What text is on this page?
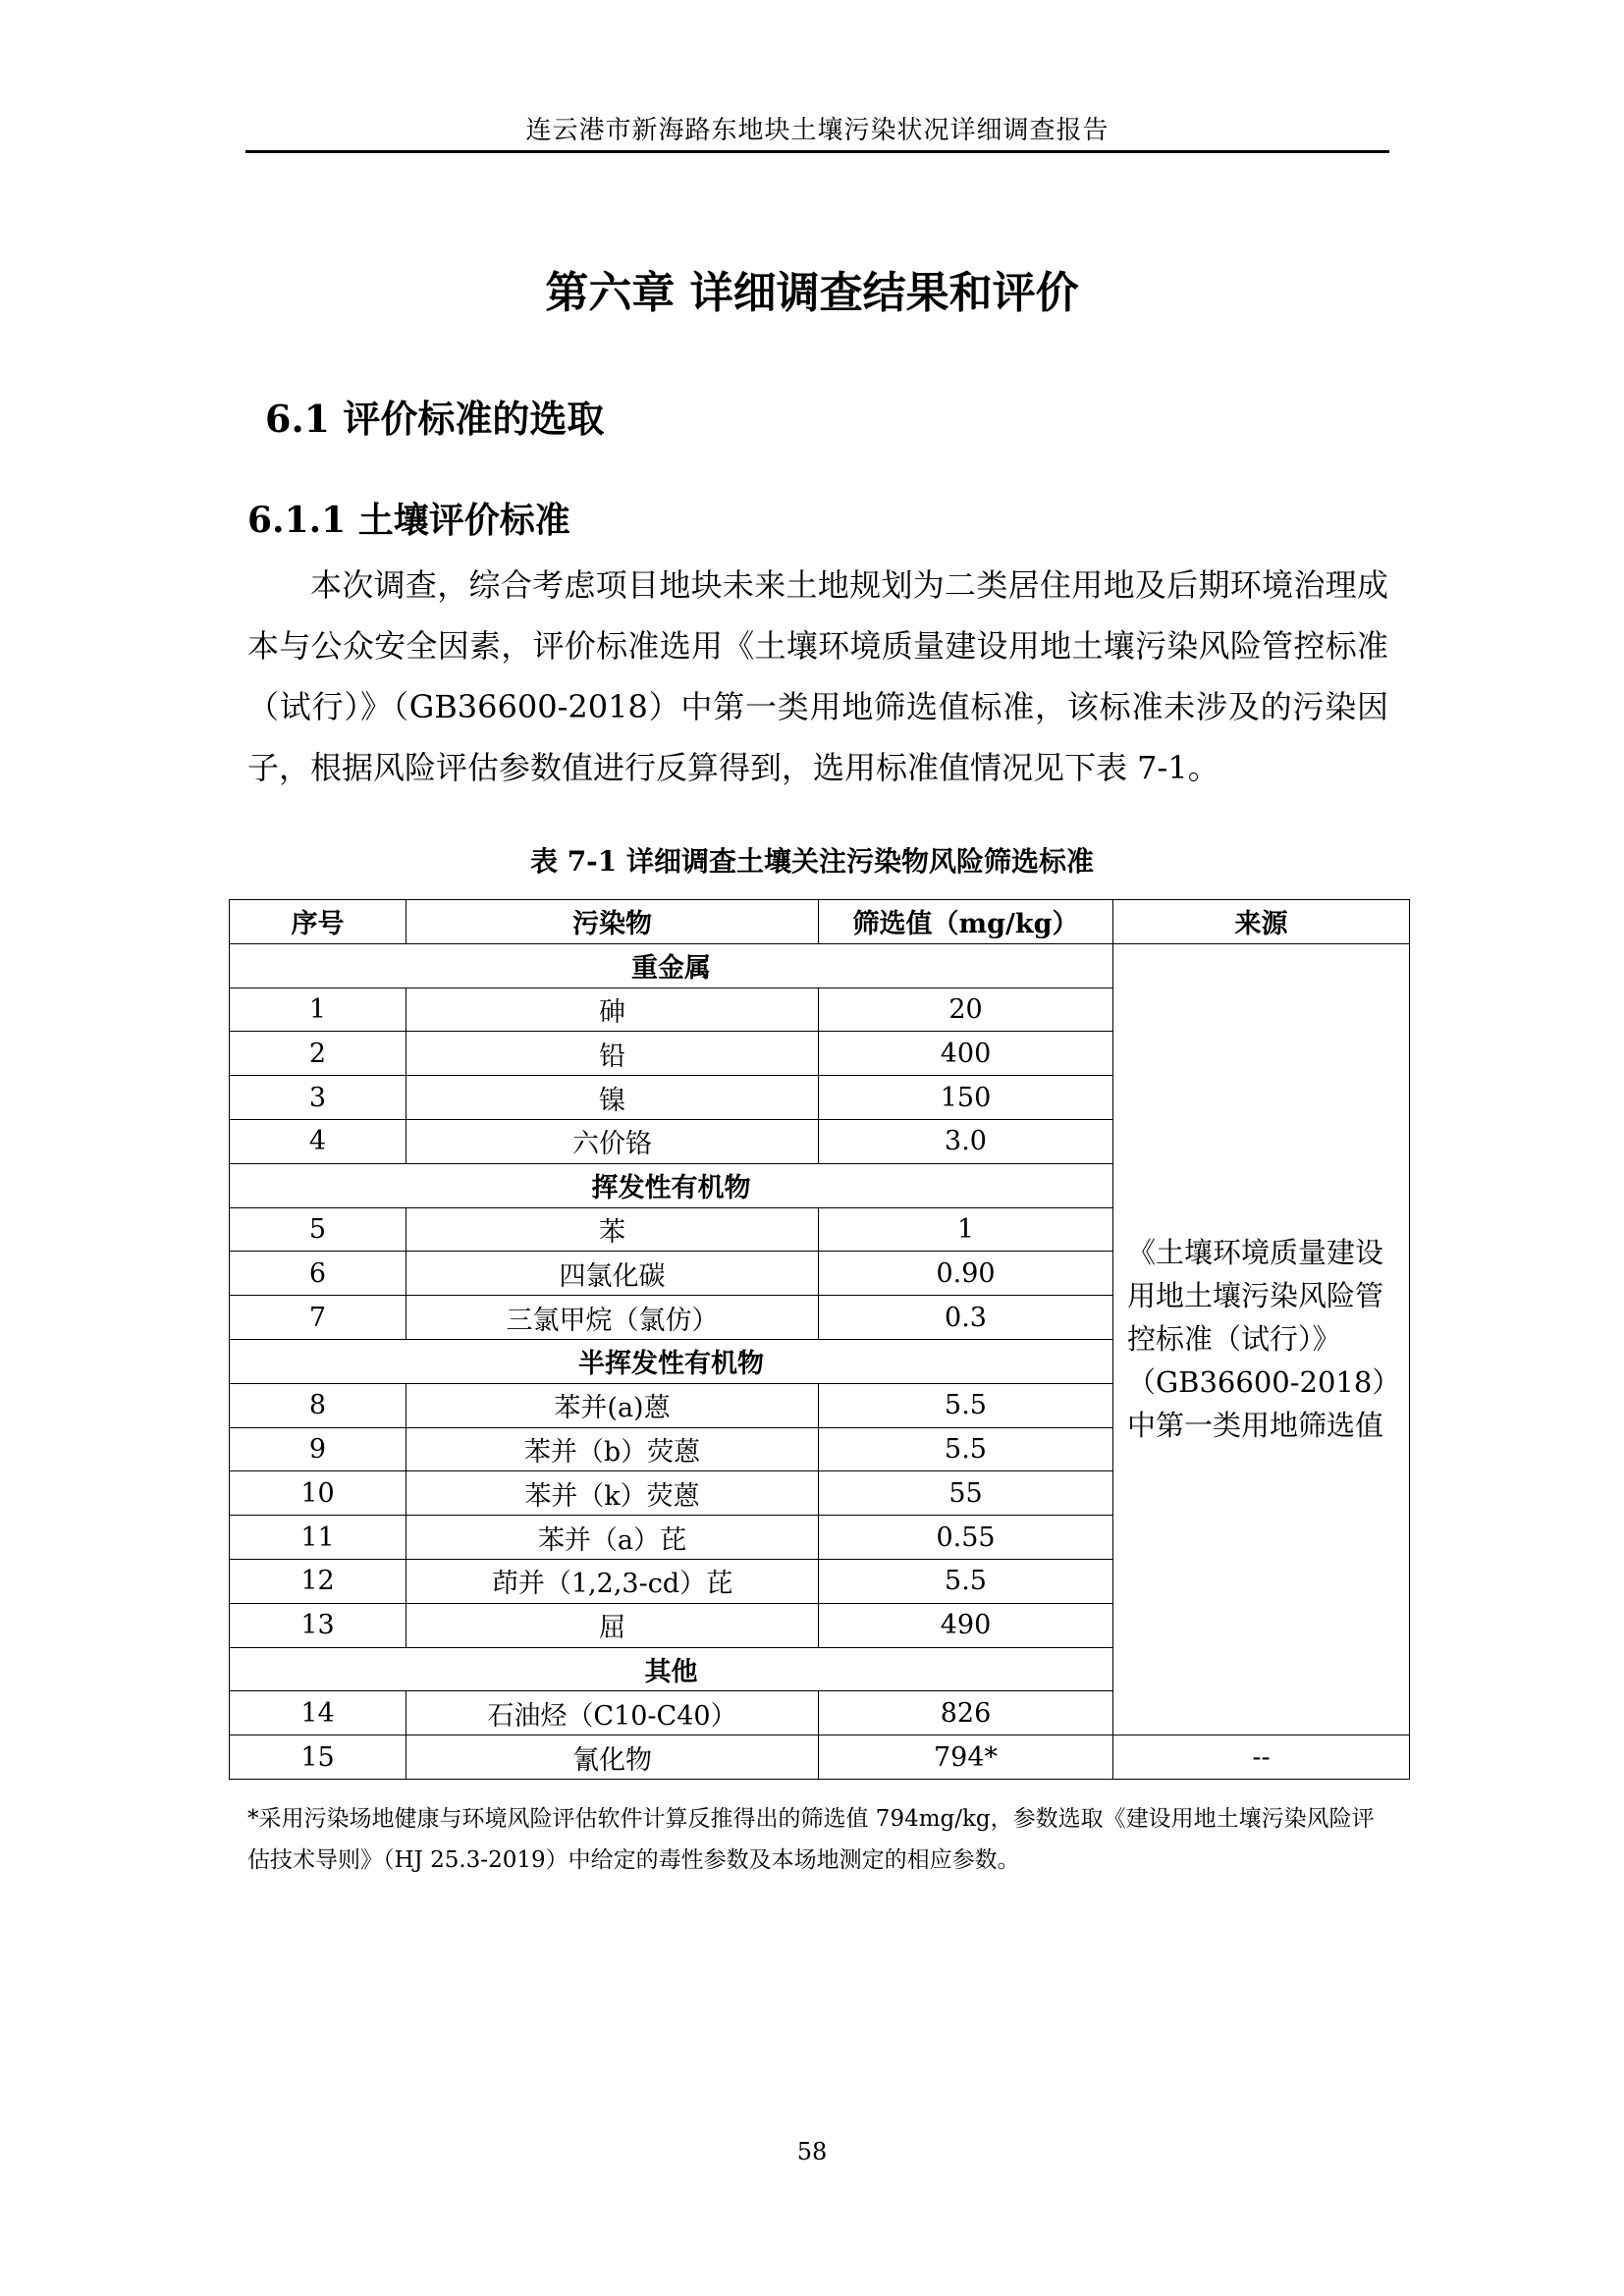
连云港市新海路东地块土壤污染状况详细调查报告
第六章 详细调查结果和评价
6.1 评价标准的选取
6.1.1 土壤评价标准
本次调查，综合考虑项目地块未来土地规划为二类居住用地及后期环境治理成本与公众安全因素，评价标准选用《土壤环境质量建设用地土壤污染风险管控标准（试行）》（GB36600-2018）中第一类用地筛选值标准，该标准未涉及的污染因子，根据风险评估参数值进行反算得到，选用标准值情况见下表 7-1。
表 7-1 详细调查土壤关注污染物风险筛选标准
序号	污染物	筛选值（mg/kg）	来源
重金属			《土壤环境质量建设用地土壤污染风险管控标准（试行）》（GB36600-2018）中第一类用地筛选值
1	砷	20	
2	铅	400	
3	镍	150	
4	六价铬	3.0	
挥发性有机物			
5	苯	1	
6	四氯化碳	0.90	
7	三氯甲烷（氯仿）	0.3	
半挥发性有机物			
8	苯并(a)蒽	5.5	
9	苯并（b）荧蒽	5.5	
10	苯并（k）荧蒽	55	
11	苯并（a）芘	0.55	
12	茚并（1,2,3-cd）芘	5.5	
13	屈	490	
其他			
14	石油烃（C10-C40）	826	
15	氰化物	794*	--
*采用污染场地健康与环境风险评估软件计算反推得出的筛选值 794mg/kg，参数选取《建设用地土壤污染风险评估技术导则》（HJ 25.3-2019）中给定的毒性参数及本场地测定的相应参数。
58
